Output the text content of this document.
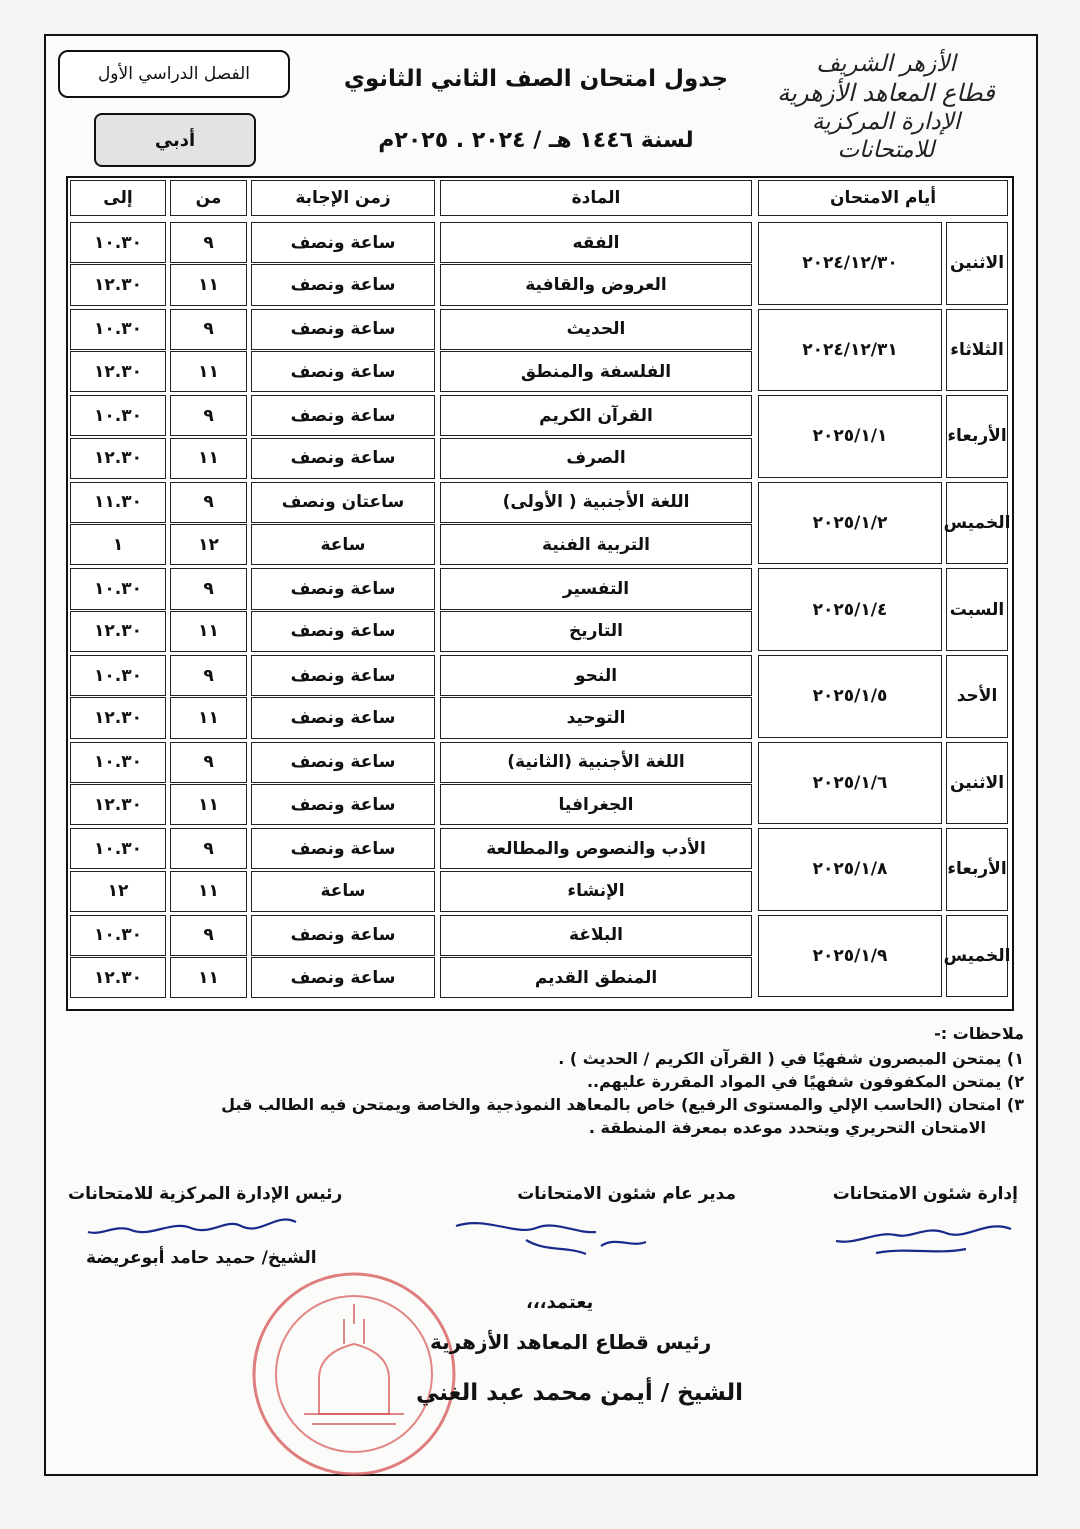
الأزهر الشريف
قطاع المعاهد الأزهرية
الإدارة المركزية للامتحانات
جدول امتحان الصف الثاني الثانوي
لسنة ١٤٤٦ هـ / ٢٠٢٤ . ٢٠٢٥م
الفصل الدراسي الأول
أدبي
أيام الامتحان
المادة
زمن الإجابة
من
إلى
الاثنين
٢٠٢٤/١٢/٣٠
الفقه
ساعة ونصف
٩
١٠.٣٠
العروض والقافية
ساعة ونصف
١١
١٢.٣٠
الثلاثاء
٢٠٢٤/١٢/٣١
الحديث
ساعة ونصف
٩
١٠.٣٠
الفلسفة والمنطق
ساعة ونصف
١١
١٢.٣٠
الأربعاء
٢٠٢٥/١/١
القرآن الكريم
ساعة ونصف
٩
١٠.٣٠
الصرف
ساعة ونصف
١١
١٢.٣٠
الخميس
٢٠٢٥/١/٢
اللغة الأجنبية ( الأولى)
ساعتان ونصف
٩
١١.٣٠
التربية الفنية
ساعة
١٢
١
السبت
٢٠٢٥/١/٤
التفسير
ساعة ونصف
٩
١٠.٣٠
التاريخ
ساعة ونصف
١١
١٢.٣٠
الأحد
٢٠٢٥/١/٥
النحو
ساعة ونصف
٩
١٠.٣٠
التوحيد
ساعة ونصف
١١
١٢.٣٠
الاثنين
٢٠٢٥/١/٦
اللغة الأجنبية (الثانية)
ساعة ونصف
٩
١٠.٣٠
الجغرافيا
ساعة ونصف
١١
١٢.٣٠
الأربعاء
٢٠٢٥/١/٨
الأدب والنصوص والمطالعة
ساعة ونصف
٩
١٠.٣٠
الإنشاء
ساعة
١١
١٢
الخميس
٢٠٢٥/١/٩
البلاغة
ساعة ونصف
٩
١٠.٣٠
المنطق القديم
ساعة ونصف
١١
١٢.٣٠
ملاحظات :-
١) يمتحن المبصرون شفهيًا في ( القرآن الكريم / الحديث ) .
٢) يمتحن المكفوفون شفهيًا في المواد المقررة عليهم..
٣) امتحان (الحاسب الإلي والمستوى الرفيع) خاص بالمعاهد النموذجية والخاصة ويمتحن فيه الطالب قبل
الامتحان التحريري ويتحدد موعده بمعرفة المنطقة .
إدارة شئون الامتحانات
مدير عام شئون الامتحانات
رئيس الإدارة المركزية للامتحانات
الشيخ/ حميد حامد أبوعريضة
يعتمد،،،
رئيس قطاع المعاهد الأزهرية
الشيخ / أيمن محمد عبد الغني
